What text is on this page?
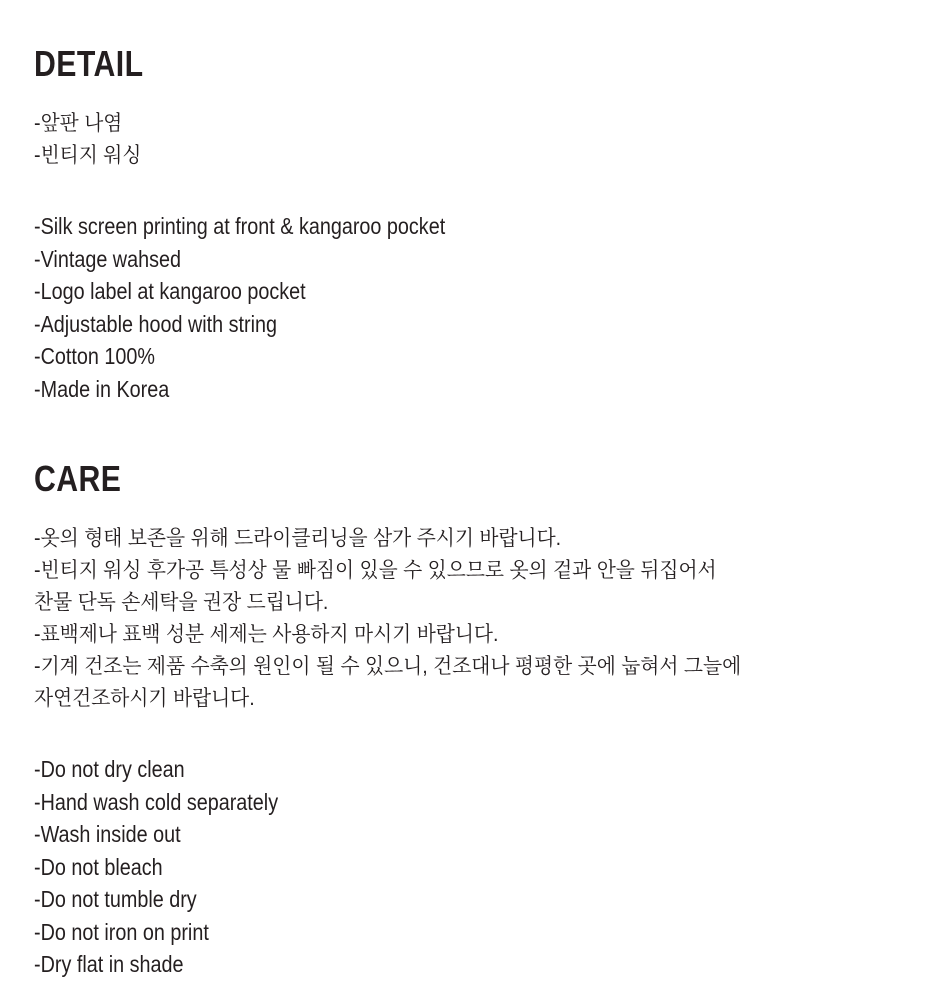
DETAIL
-앞판 나염
-빈티지 워싱
-Silk screen printing at front & kangaroo pocket
-Vintage wahsed
-Logo label at kangaroo pocket
-Adjustable hood with string
-Cotton 100%
-Made in Korea
CARE
-옷의 형태 보존을 위해 드라이클리닝을 삼가 주시기 바랍니다.
-빈티지 워싱 후가공 특성상 물 빠짐이 있을 수 있으므로 옷의 겉과 안을 뒤집어서
찬물 단독 손세탁을 권장 드립니다.
-표백제나 표백 성분 세제는 사용하지 마시기 바랍니다.
-기계 건조는 제품 수축의 원인이 될 수 있으니, 건조대나 평평한 곳에 눕혀서 그늘에
자연건조하시기 바랍니다.
-Do not dry clean
-Hand wash cold separately
-Wash inside out
-Do not bleach
-Do not tumble dry
-Do not iron on print
-Dry flat in shade
